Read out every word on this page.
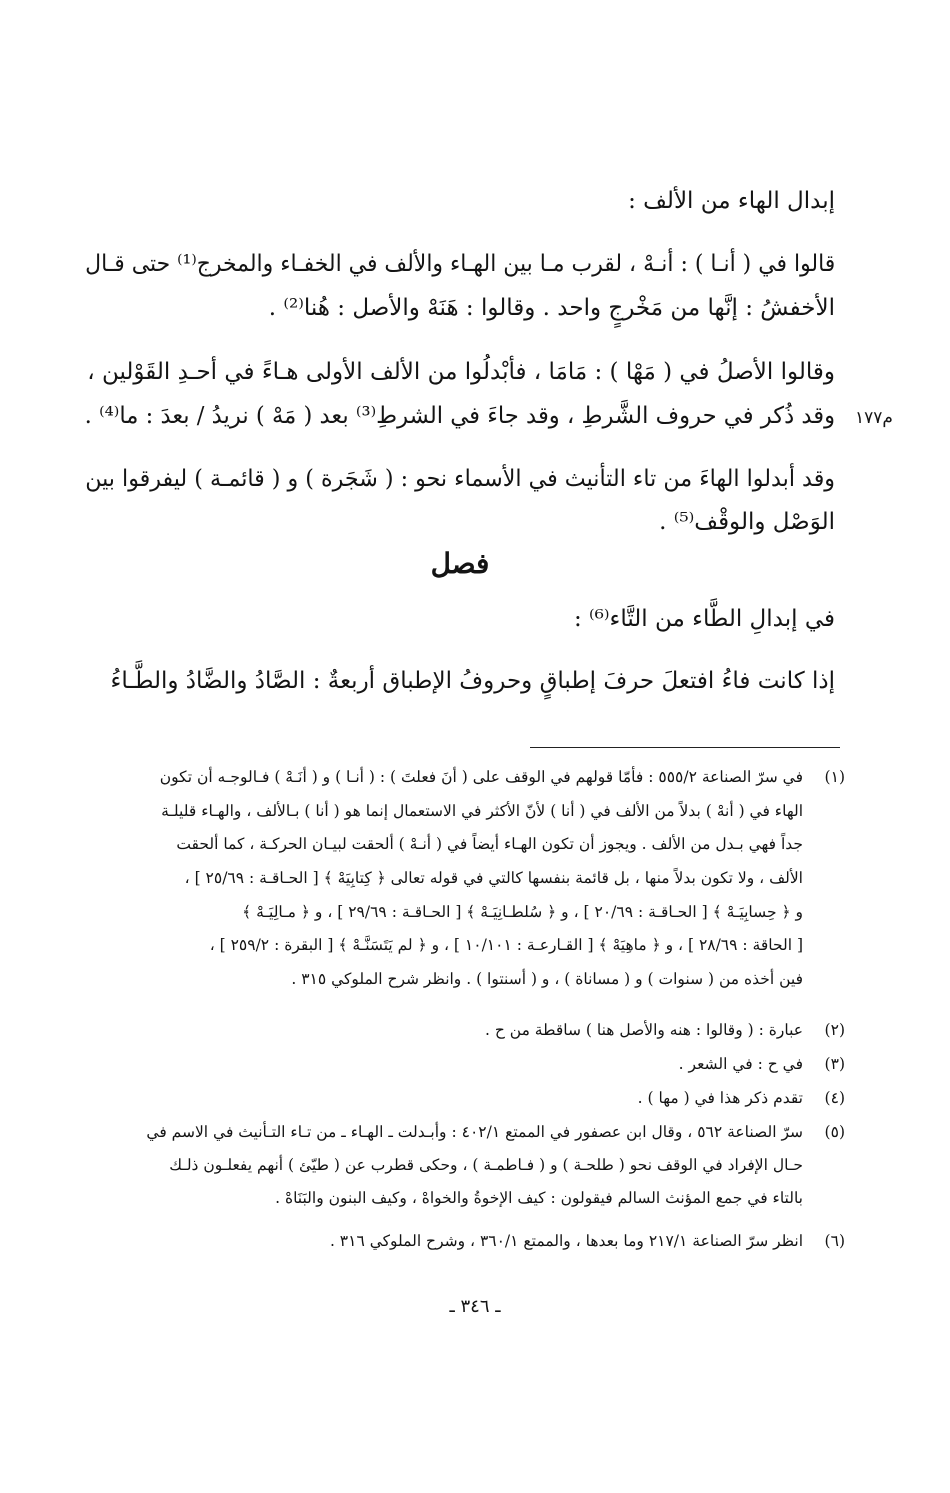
م١٧٧
إبدال الهاء من الألف :
قالوا في ( أنـا ) : أنـهْ ، لقرب مـا بين الهـاء والألف في الخفـاء والمخرج⁽¹⁾ حتى قـال
الأخفشُ : إنَّها من مَخْرجٍ واحد . وقالوا : هَنَهْ والأصل : هُنا⁽²⁾ .
وقالوا الأصلُ في ( مَهْا ) : مَامَا ، فأبْدلُوا من الألف الأولى هـاءً في أحـدِ القَوْلين ،
وقد ذُكر في حروف الشَّرطِ ، وقد جاءَ في الشرطِ⁽³⁾ بعد ( مَهْ ) نريدُ / بعدَ : ما⁽⁴⁾ .
وقد أبدلوا الهاءَ من تاء التأنيث في الأسماء نحو : ( شَجَرة ) و ( قائمـة ) ليفرقوا بين
الوَصْل والوقْف⁽⁵⁾ .
فصل
في إبدالِ الطَّاء من التَّاء⁽⁶⁾ :
إذا كانت فاءُ افتعلَ حرفَ إطباقٍ وحروفُ الإطباق أربعةٌ : الصَّادُ والضَّادُ والطَّـاءُ
(١)
في سرّ الصناعة ٥٥٥/٢ : فأمّا قولهم في الوقف على ( أنَ فعلتَ ) : ( أنـا ) و ( أنَـهْ ) فـالوجـه أن تكون
الهاء في ( أنهْ ) بدلاً من الألف في ( أنا ) لأنّ الأكثر في الاستعمال إنما هو ( أنا ) بـالألف ، والهـاء قليلـة
جداً فهي بـدل من الألف . ويجوز أن تكون الهـاء أيضاً في ( أنـهْ ) ألحقت لبيـان الحركـة ، كما ألحقت
الألف ، ولا تكون بدلاً منها ، بل قائمة بنفسها كالتي في قوله تعالى ﴿ كِتابِيَهْ ﴾ [ الحـاقـة : ٢٥/٦٩ ] ،
و ﴿ حِسابِيَـهْ ﴾ [ الحـاقـة : ٢٠/٦٩ ] ، و ﴿ سُلطـانِيَـهْ ﴾ [ الحـاقـة : ٢٩/٦٩ ] ، و ﴿ مـالِيَـهْ ﴾
[ الحاقة : ٢٨/٦٩ ] ، و ﴿ ماهِيَهْ ﴾ [ القـارعـة : ١٠/١٠١ ] ، و ﴿ لم يَتَسَنَّـهْ ﴾ [ البقرة : ٢٥٩/٢ ] ،
فين أخذه من ( سنوات ) و ( مساناة ) ، و ( أسنتوا ) . وانظر شرح الملوكي ٣١٥ .
(٢)
عبارة : ( وقالوا : هنه والأصل هنا ) ساقطة من ح .
(٣)
في ح : في الشعر .
(٤)
تقدم ذكر هذا في ( مها ) .
(٥)
سرّ الصناعة ٥٦٢ ، وقال ابن عصفور في الممتع ٤٠٢/١ : وأبـدلت ـ الهـاء ـ من تـاء التـأنيث في الاسم في
حـال الإفراد في الوقف نحو ( طلحـة ) و ( فـاطمـة ) ، وحكى قطرب عن ( طيّئ ) أنهم يفعلـون ذلـك
بالتاء في جمع المؤنث السالم فيقولون : كيف الإخوةُ والخواهْ ، وكيف البنون والبَنَاهْ .
(٦)
انظر سرّ الصناعة ٢١٧/١ وما بعدها ، والممتع ٣٦٠/١ ، وشرح الملوكي ٣١٦ .
ـ ٣٤٦ ـ
